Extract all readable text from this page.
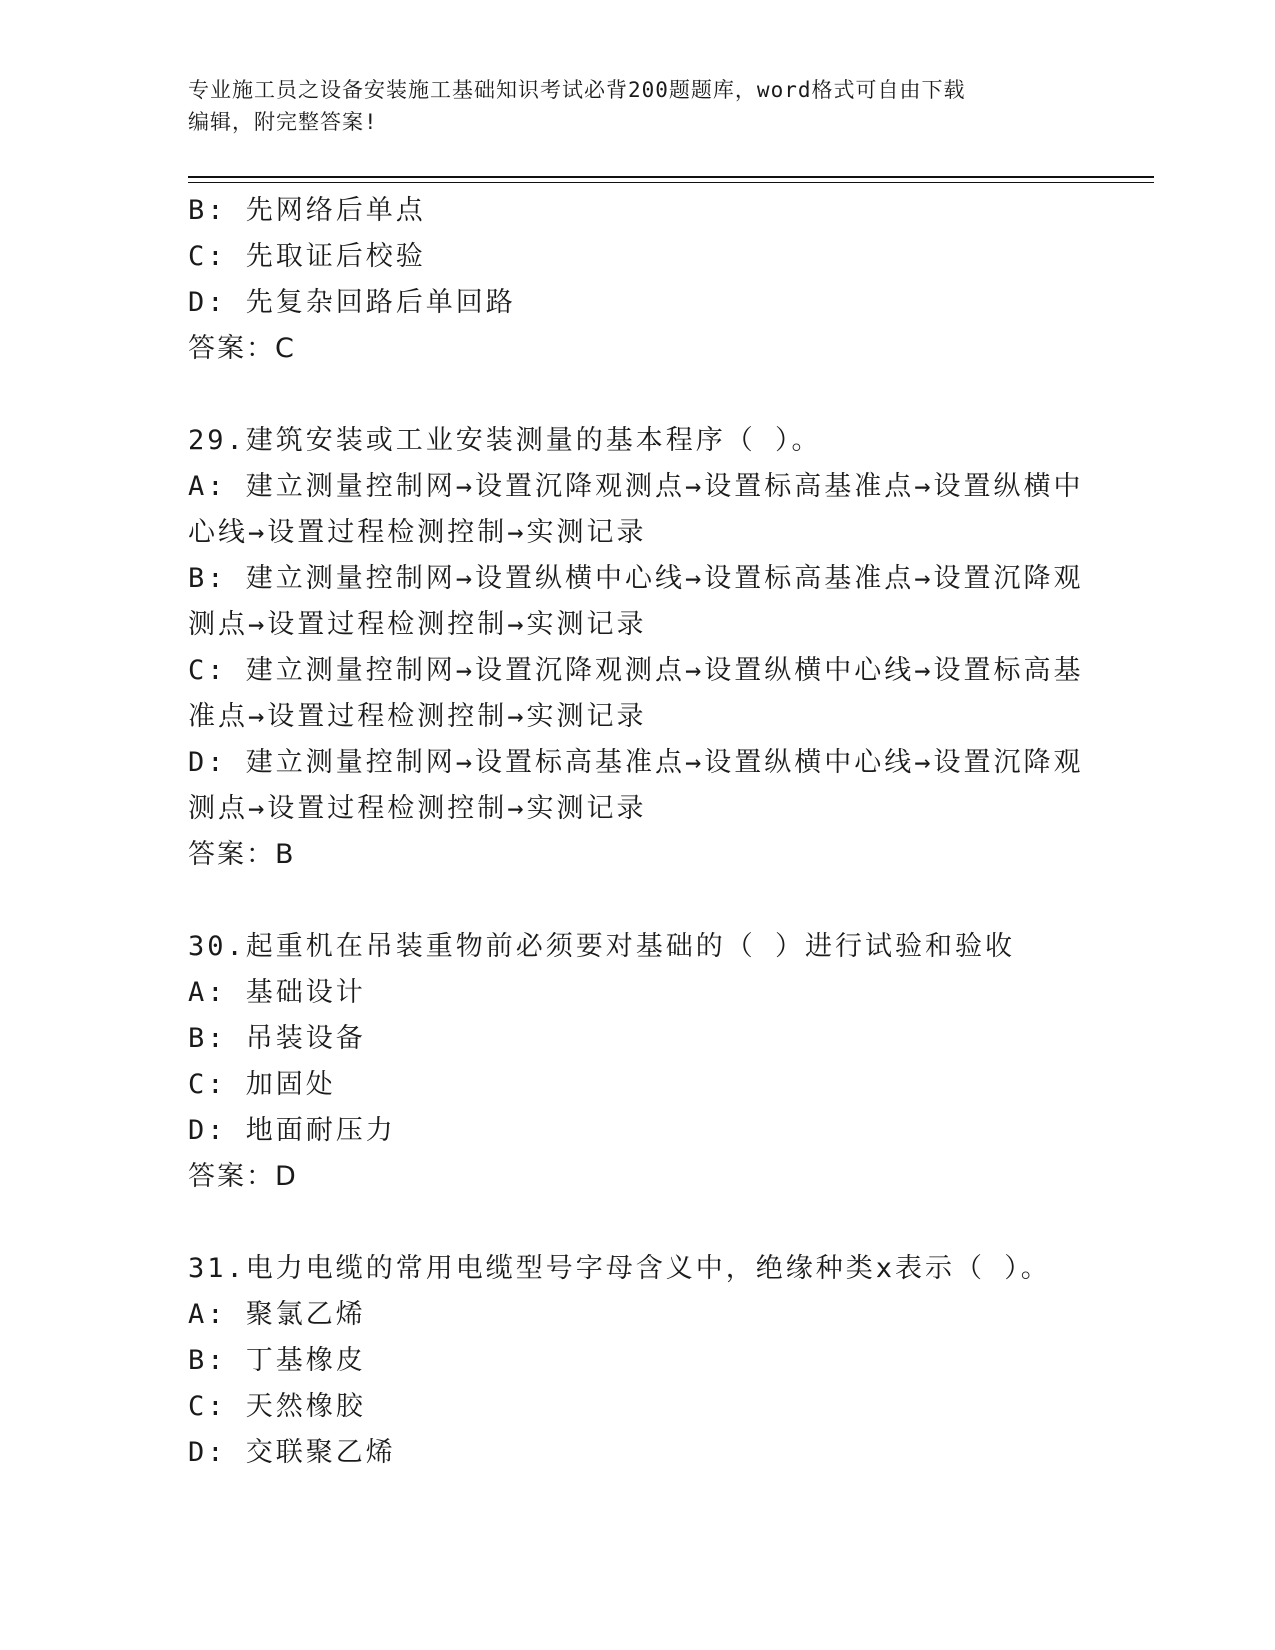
专业施工员之设备安装施工基础知识考试必背200题题库，word格式可自由下载
编辑，附完整答案!

B: 先网络后单点

C: 先取证后校验

D: 先复杂回路后单回路

答案：C

29.建筑安装或工业安装测量的基本程序（ ）。

A: 建立测量控制网→设置沉降观测点→设置标高基准点→设置纵横中

心线→设置过程检测控制→实测记录

B: 建立测量控制网→设置纵横中心线→设置标高基准点→设置沉降观

测点→设置过程检测控制→实测记录

C: 建立测量控制网→设置沉降观测点→设置纵横中心线→设置标高基

准点→设置过程检测控制→实测记录

D: 建立测量控制网→设置标高基准点→设置纵横中心线→设置沉降观

测点→设置过程检测控制→实测记录

答案：B

30.起重机在吊装重物前必须要对基础的（ ）进行试验和验收

A: 基础设计

B: 吊装设备

C: 加固处

D: 地面耐压力

答案：D

31.电力电缆的常用电缆型号字母含义中，绝缘种类x表示（ ）。

A: 聚氯乙烯

B: 丁基橡皮

C: 天然橡胶

D: 交联聚乙烯
